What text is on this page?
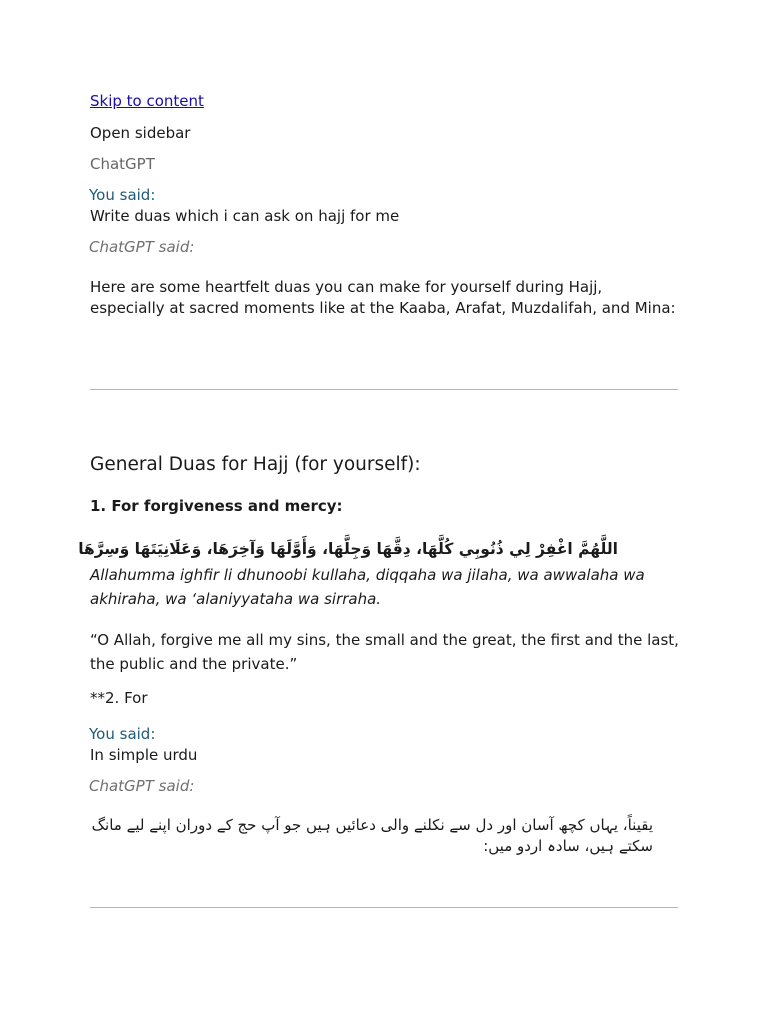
Skip to content
Open sidebar
ChatGPT
You said:
Write duas which i can ask on hajj for me
ChatGPT said:
Here are some heartfelt duas you can make for yourself during Hajj, especially at sacred moments like at the Kaaba, Arafat, Muzdalifah, and Mina:
General Duas for Hajj (for yourself):
1. For forgiveness and mercy:
اللَّهُمَّ اغْفِرْ لِي ذُنُوبِي كُلَّهَا، دِقَّهَا وَجِلَّهَا، وَأَوَّلَهَا وَآخِرَهَا، وَعَلَانِيَتَهَا وَسِرَّهَا
Allahumma ighfir li dhunoobi kullaha, diqqaha wa jilaha, wa awwalaha wa akhiraha, wa ‘alaniyyataha wa sirraha.
“O Allah, forgive me all my sins, the small and the great, the first and the last, the public and the private.”
**2. For
You said:
In simple urdu
ChatGPT said:
یقیناً، یہاں کچھ آسان اور دل سے نکلنے والی دعائیں ہیں جو آپ حج کے دوران اپنے لیے مانگ سکتے ہیں، سادہ اردو میں:
